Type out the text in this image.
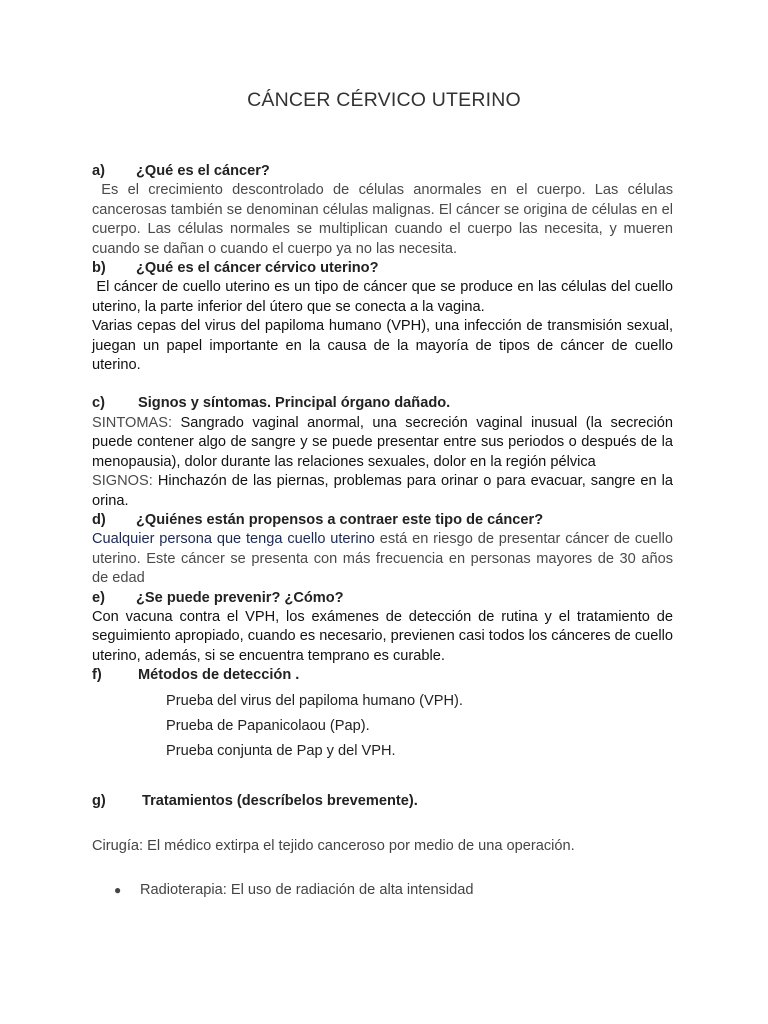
CÁNCER CÉRVICO UTERINO
a) ¿Qué es el cáncer?

Es el crecimiento descontrolado de células anormales en el cuerpo. Las células cancerosas también se denominan células malignas. El cáncer se origina de células en el cuerpo. Las células normales se multiplican cuando el cuerpo las necesita, y mueren cuando se dañan o cuando el cuerpo ya no las necesita.

b) ¿Qué es el cáncer cérvico uterino?

El cáncer de cuello uterino es un tipo de cáncer que se produce en las células del cuello uterino, la parte inferior del útero que se conecta a la vagina.

Varias cepas del virus del papiloma humano (VPH), una infección de transmisión sexual, juegan un papel importante en la causa de la mayoría de tipos de cáncer de cuello uterino.

c) Signos y síntomas. Principal órgano dañado.

SINTOMAS: Sangrado vaginal anormal, una secreción vaginal inusual (la secreción puede contener algo de sangre y se puede presentar entre sus periodos o después de la menopausia), dolor durante las relaciones sexuales, dolor en la región pélvica

SIGNOS: Hinchazón de las piernas, problemas para orinar o para evacuar, sangre en la orina.

d) ¿Quiénes están propensos a contraer este tipo de cáncer?

Cualquier persona que tenga cuello uterino está en riesgo de presentar cáncer de cuello uterino. Este cáncer se presenta con más frecuencia en personas mayores de 30 años de edad

e) ¿Se puede prevenir? ¿Cómo?

Con vacuna contra el VPH, los exámenes de detección de rutina y el tratamiento de seguimiento apropiado, cuando es necesario, previenen casi todos los cánceres de cuello uterino, además, si se encuentra temprano es curable.

f) Métodos de detección .
Prueba del virus del papiloma humano (VPH).
Prueba de Papanicolaou (Pap).
Prueba conjunta de Pap y del VPH.
g) Tratamientos (descríbelos brevemente).

Cirugía: El médico extirpa el tejido canceroso por medio de una operación.

●	Radioterapia: El uso de radiación de alta intensidad
